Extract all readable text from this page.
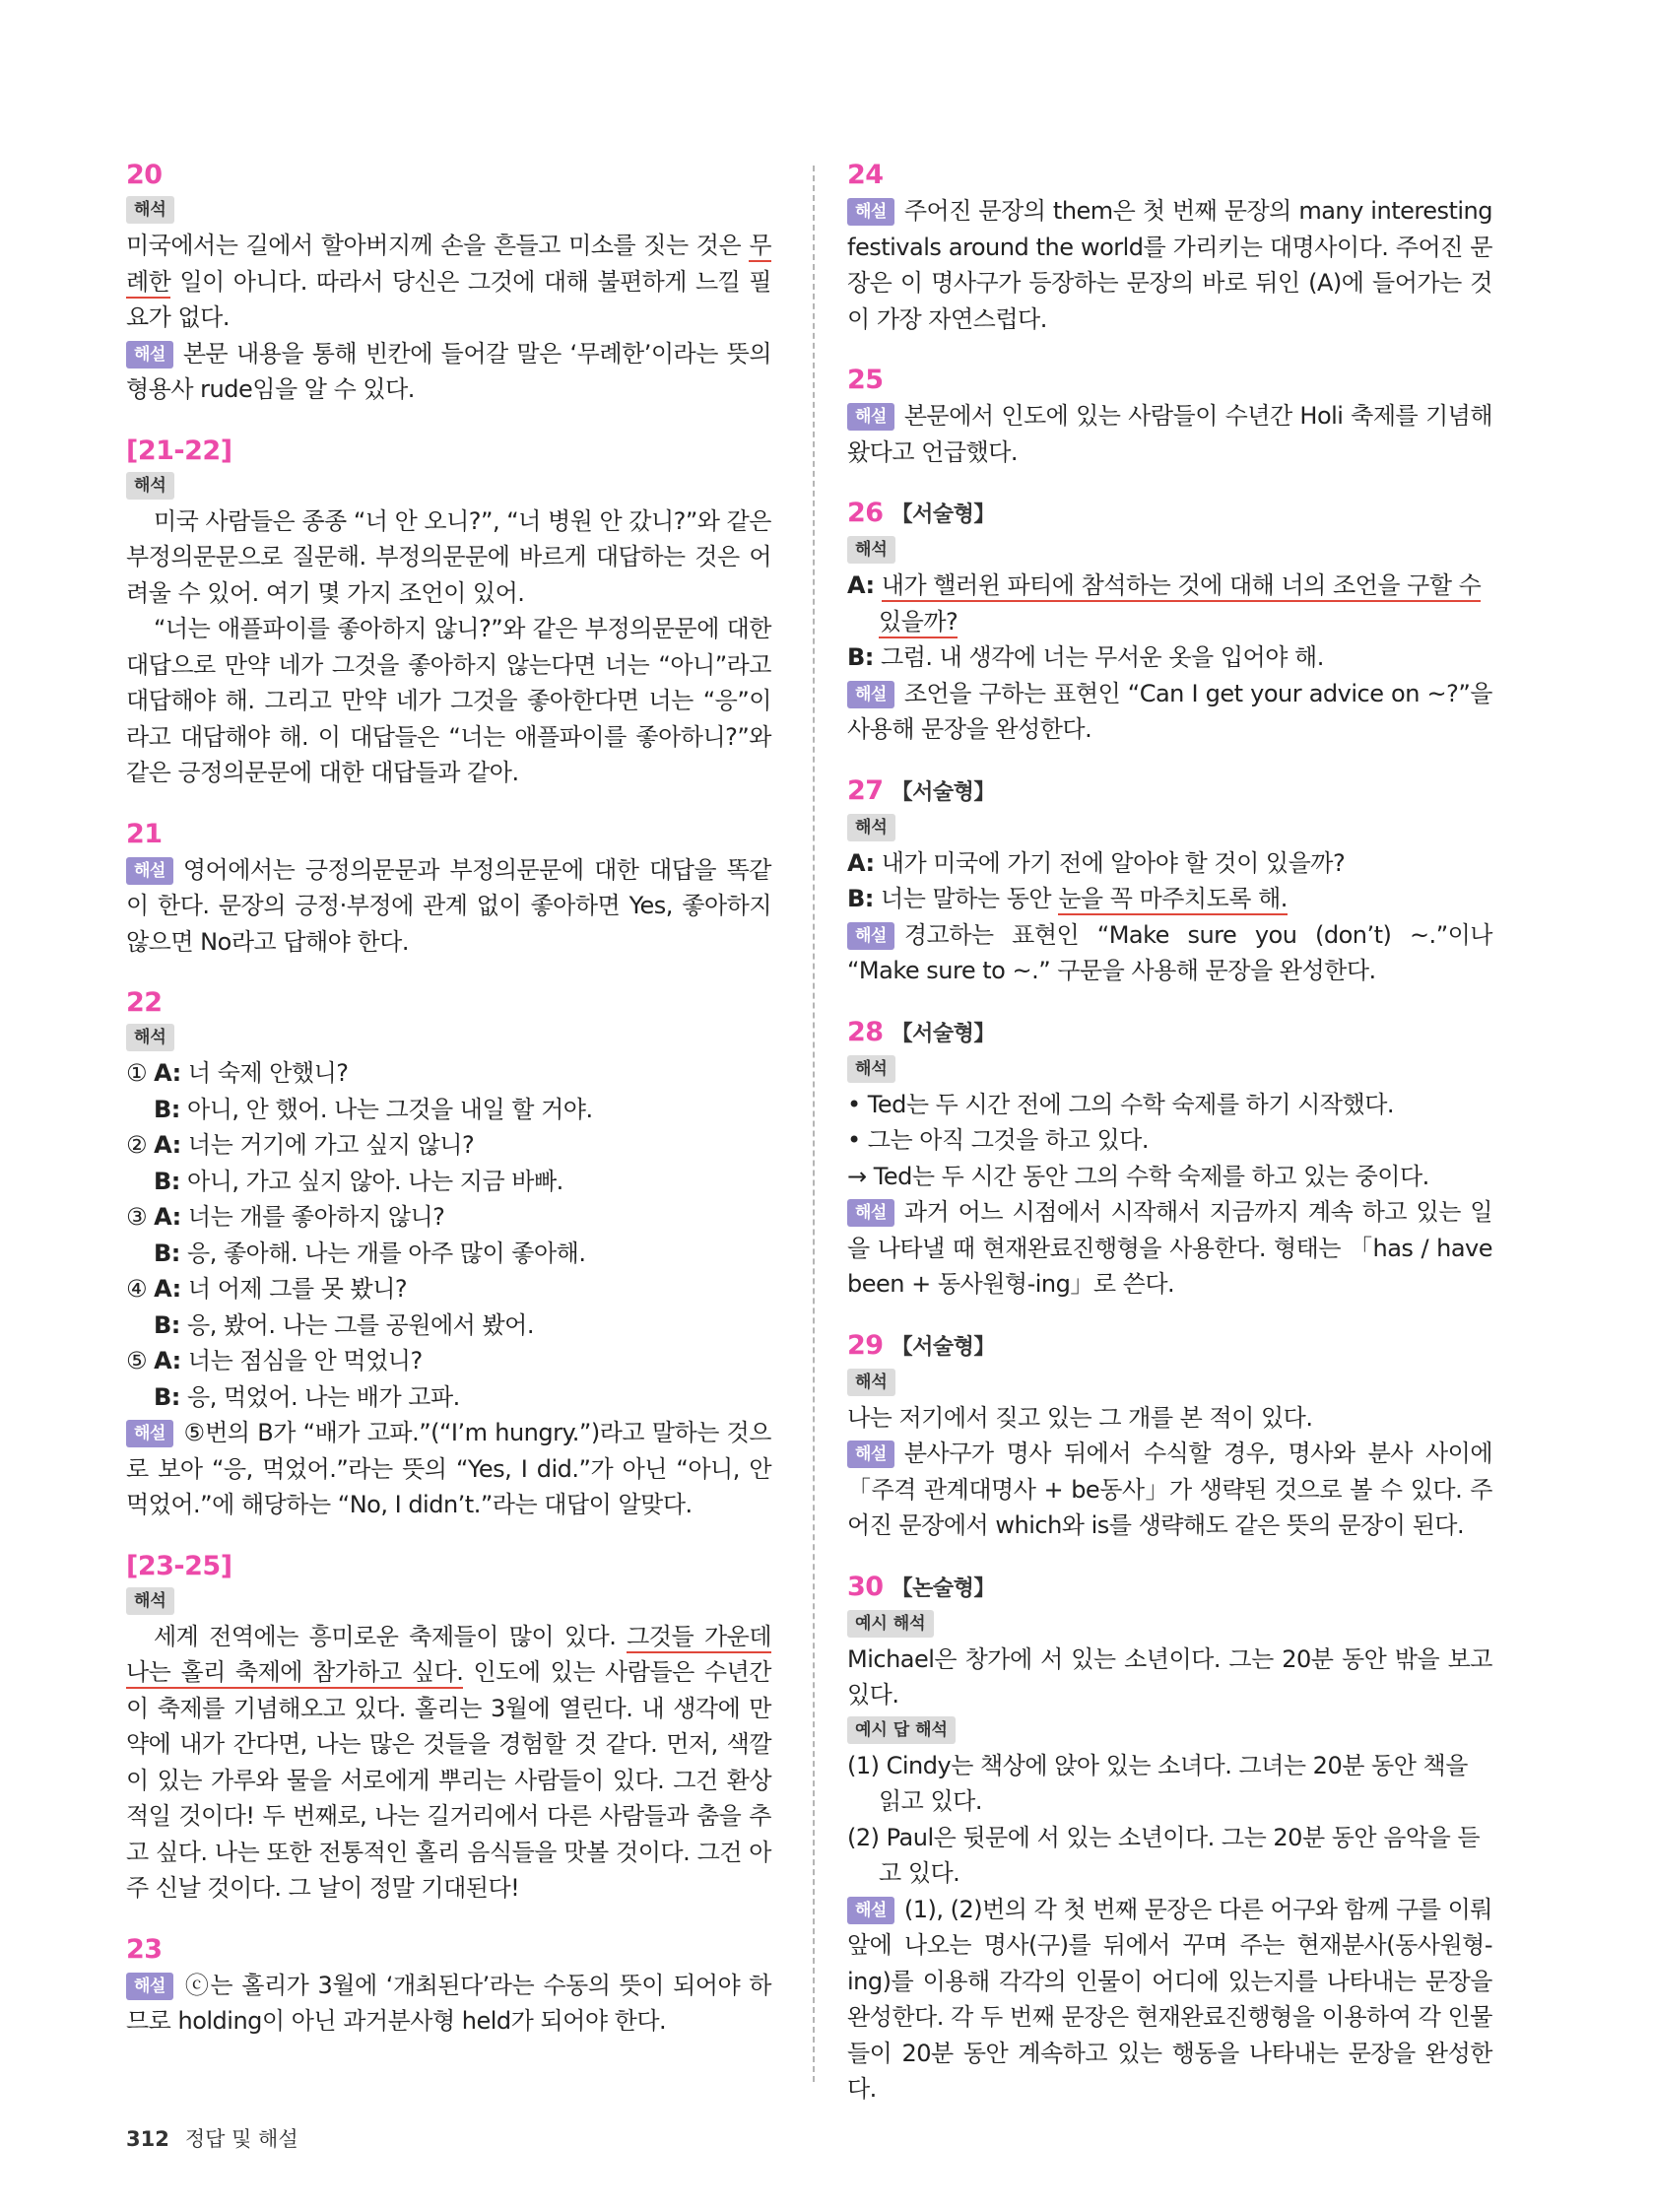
20
해석

미국에서는 길에서 할아버지께 손을 흔들고 미소를 짓는 것은 무례한 일이 아니다. 따라서 당신은 그것에 대해 불편하게 느낄 필요가 없다.

해설 본문 내용을 통해 빈칸에 들어갈 말은 ‘무례한’이라는 뜻의 형용사 rude임을 알 수 있다.

[21-22]
해석

미국 사람들은 종종 “너 안 오니?”, “너 병원 안 갔니?”와 같은 부정의문문으로 질문해. 부정의문문에 바르게 대답하는 것은 어려울 수 있어. 여기 몇 가지 조언이 있어.

“너는 애플파이를 좋아하지 않니?”와 같은 부정의문문에 대한 대답으로 만약 네가 그것을 좋아하지 않는다면 너는 “아니”라고 대답해야 해. 그리고 만약 네가 그것을 좋아한다면 너는 “응”이라고 대답해야 해. 이 대답들은 “너는 애플파이를 좋아하니?”와 같은 긍정의문문에 대한 대답들과 같아.

21

해설 영어에서는 긍정의문문과 부정의문문에 대한 대답을 똑같이 한다. 문장의 긍정·부정에 관계 없이 좋아하면 Yes, 좋아하지 않으면 No라고 답해야 한다.

22
해석
① A: 너 숙제 안했니?
B: 아니, 안 했어. 나는 그것을 내일 할 거야.
② A: 너는 거기에 가고 싶지 않니?
B: 아니, 가고 싶지 않아. 나는 지금 바빠.
③ A: 너는 개를 좋아하지 않니?
B: 응, 좋아해. 나는 개를 아주 많이 좋아해.
④ A: 너 어제 그를 못 봤니?
B: 응, 봤어. 나는 그를 공원에서 봤어.
⑤ A: 너는 점심을 안 먹었니?
B: 응, 먹었어. 나는 배가 고파.

해설 ⑤번의 B가 “배가 고파.”(“I’m hungry.”)라고 말하는 것으로 보아 “응, 먹었어.”라는 뜻의 “Yes, I did.”가 아닌 “아니, 안 먹었어.”에 해당하는 “No, I didn’t.”라는 대답이 알맞다.

[23-25]
해석

세계 전역에는 흥미로운 축제들이 많이 있다. 그것들 가운데 나는 홀리 축제에 참가하고 싶다. 인도에 있는 사람들은 수년간 이 축제를 기념해오고 있다. 홀리는 3월에 열린다. 내 생각에 만약에 내가 간다면, 나는 많은 것들을 경험할 것 같다. 먼저, 색깔이 있는 가루와 물을 서로에게 뿌리는 사람들이 있다. 그건 환상적일 것이다! 두 번째로, 나는 길거리에서 다른 사람들과 춤을 추고 싶다. 나는 또한 전통적인 홀리 음식들을 맛볼 것이다. 그건 아주 신날 것이다. 그 날이 정말 기대된다!

23

해설 ⓒ는 홀리가 3월에 ‘개최된다’라는 수동의 뜻이 되어야 하므로 holding이 아닌 과거분사형 held가 되어야 한다.

24

해설 주어진 문장의 them은 첫 번째 문장의 many interesting festivals around the world를 가리키는 대명사이다. 주어진 문장은 이 명사구가 등장하는 문장의 바로 뒤인 (A)에 들어가는 것이 가장 자연스럽다.

25

해설 본문에서 인도에 있는 사람들이 수년간 Holi 축제를 기념해 왔다고 언급했다.

26 【서술형】
해석

A: 내가 핼러윈 파티에 참석하는 것에 대해 너의 조언을 구할 수 있을까?

B: 그럼. 내 생각에 너는 무서운 옷을 입어야 해.

해설 조언을 구하는 표현인 “Can I get your advice on ~?”을 사용해 문장을 완성한다.

27 【서술형】
해석

A: 내가 미국에 가기 전에 알아야 할 것이 있을까?

B: 너는 말하는 동안 눈을 꼭 마주치도록 해.

해설 경고하는 표현인 “Make sure you (don’t) ~.”이나 “Make sure to ~.” 구문을 사용해 문장을 완성한다.

28 【서술형】
해석

• Ted는 두 시간 전에 그의 수학 숙제를 하기 시작했다.

• 그는 아직 그것을 하고 있다.

→ Ted는 두 시간 동안 그의 수학 숙제를 하고 있는 중이다.

해설 과거 어느 시점에서 시작해서 지금까지 계속 하고 있는 일을 나타낼 때 현재완료진행형을 사용한다. 형태는 「has / have been + 동사원형-ing」로 쓴다.

29 【서술형】
해석

나는 저기에서 짖고 있는 그 개를 본 적이 있다.

해설 분사구가 명사 뒤에서 수식할 경우, 명사와 분사 사이에 「주격 관계대명사 + be동사」가 생략된 것으로 볼 수 있다. 주어진 문장에서 which와 is를 생략해도 같은 뜻의 문장이 된다.

30 【논술형】
예시 해석

Michael은 창가에 서 있는 소년이다. 그는 20분 동안 밖을 보고 있다.

예시 답 해석

(1) Cindy는 책상에 앉아 있는 소녀다. 그녀는 20분 동안 책을 읽고 있다.

(2) Paul은 뒷문에 서 있는 소년이다. 그는 20분 동안 음악을 듣고 있다.

해설 (1), (2)번의 각 첫 번째 문장은 다른 어구와 함께 구를 이뤄 앞에 나오는 명사(구)를 뒤에서 꾸며 주는 현재분사(동사원형-ing)를 이용해 각각의 인물이 어디에 있는지를 나타내는 문장을 완성한다. 각 두 번째 문장은 현재완료진행형을 이용하여 각 인물들이 20분 동안 계속하고 있는 행동을 나타내는 문장을 완성한다.

312 정답 및 해설
